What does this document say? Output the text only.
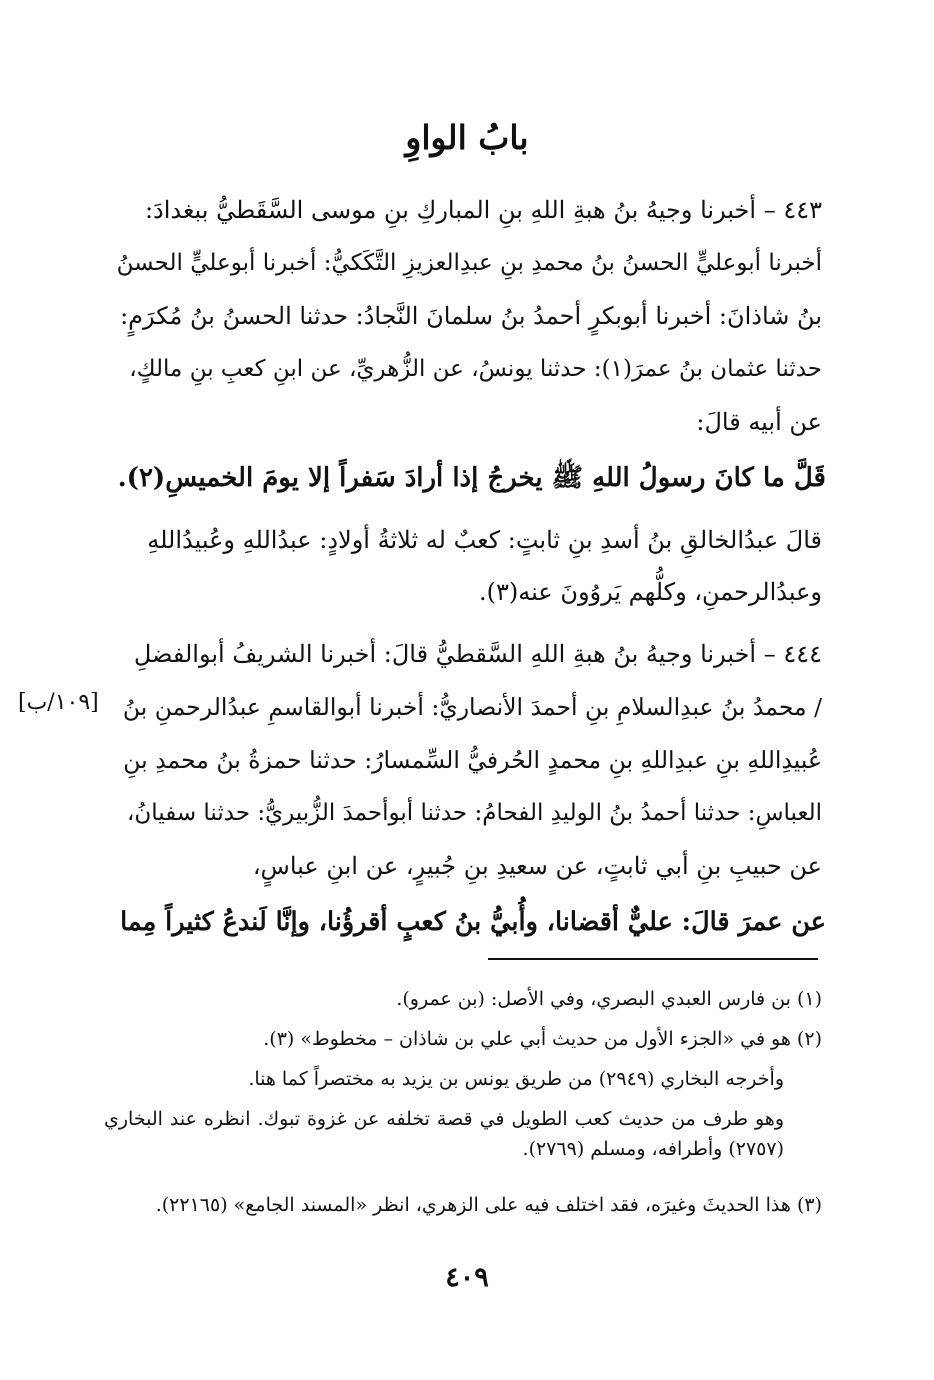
بابُ الواوِ
٤٤٣ – أخبرنا وجيهُ بنُ هبةِ اللهِ بنِ المباركِ بنِ موسى السَّقَطيُّ ببغدادَ:
أخبرنا أبوعليٍّ الحسنُ بنُ محمدِ بنِ عبدِالعزيزِ التَّكَكيُّ: أخبرنا أبوعليٍّ الحسنُ
بنُ شاذانَ: أخبرنا أبوبكرٍ أحمدُ بنُ سلمانَ النَّجادُ: حدثنا الحسنُ بنُ مُكرَمٍ:
حدثنا عثمان بنُ عمرَ(١): حدثنا يونسُ، عن الزُّهريِّ، عن ابنِ كعبِ بنِ مالكٍ،
عن أبيه قالَ:
قَلَّ ما كانَ رسولُ اللهِ ﷺ يخرجُ إذا أرادَ سَفراً إلا يومَ الخميسِ(٢).
قالَ عبدُالخالقِ بنُ أسدِ بنِ ثابتٍ: كعبٌ له ثلاثةُ أولادٍ: عبدُاللهِ وعُبيدُاللهِ
وعبدُالرحمنِ، وكلُّهم يَروُونَ عنه(٣).
٤٤٤ – أخبرنا وجيهُ بنُ هبةِ اللهِ السَّقطيُّ قالَ: أخبرنا الشريفُ أبوالفضلِ
/ محمدُ بنُ عبدِالسلامِ بنِ أحمدَ الأنصاريُّ: أخبرنا أبوالقاسمِ عبدُالرحمنِ بنُ
عُبيدِاللهِ بنِ عبدِاللهِ بنِ محمدٍ الحُرفيُّ السِّمسارُ: حدثنا حمزةُ بنُ محمدِ بنِ
العباسِ: حدثنا أحمدُ بنُ الوليدِ الفحامُ: حدثنا أبوأحمدَ الزُّبيريُّ: حدثنا سفيانُ،
عن حبيبِ بنِ أبي ثابتٍ، عن سعيدِ بنِ جُبيرٍ، عن ابنِ عباسٍ،
عن عمرَ قالَ: عليٌّ أقضانا، وأُبيُّ بنُ كعبٍ أقرؤُنا، وإنَّا لَندعُ كثيراً مِما
[١٠٩/ب]
(١) بن فارس العبدي البصري، وفي الأصل: (بن عمرو).
(٢) هو في «الجزء الأول من حديث أبي علي بن شاذان – مخطوط» (٣).
وأخرجه البخاري (٢٩٤٩) من طريق يونس بن يزيد به مختصراً كما هنا.
وهو طرف من حديث كعب الطويل في قصة تخلفه عن غزوة تبوك. انظره عند البخاري (٢٧٥٧) وأطرافه، ومسلم (٢٧٦٩).
(٣) هذا الحديثَ وغيرَه، فقد اختلف فيه على الزهري، انظر «المسند الجامع» (٢٢١٦٥).
٤٠٩
